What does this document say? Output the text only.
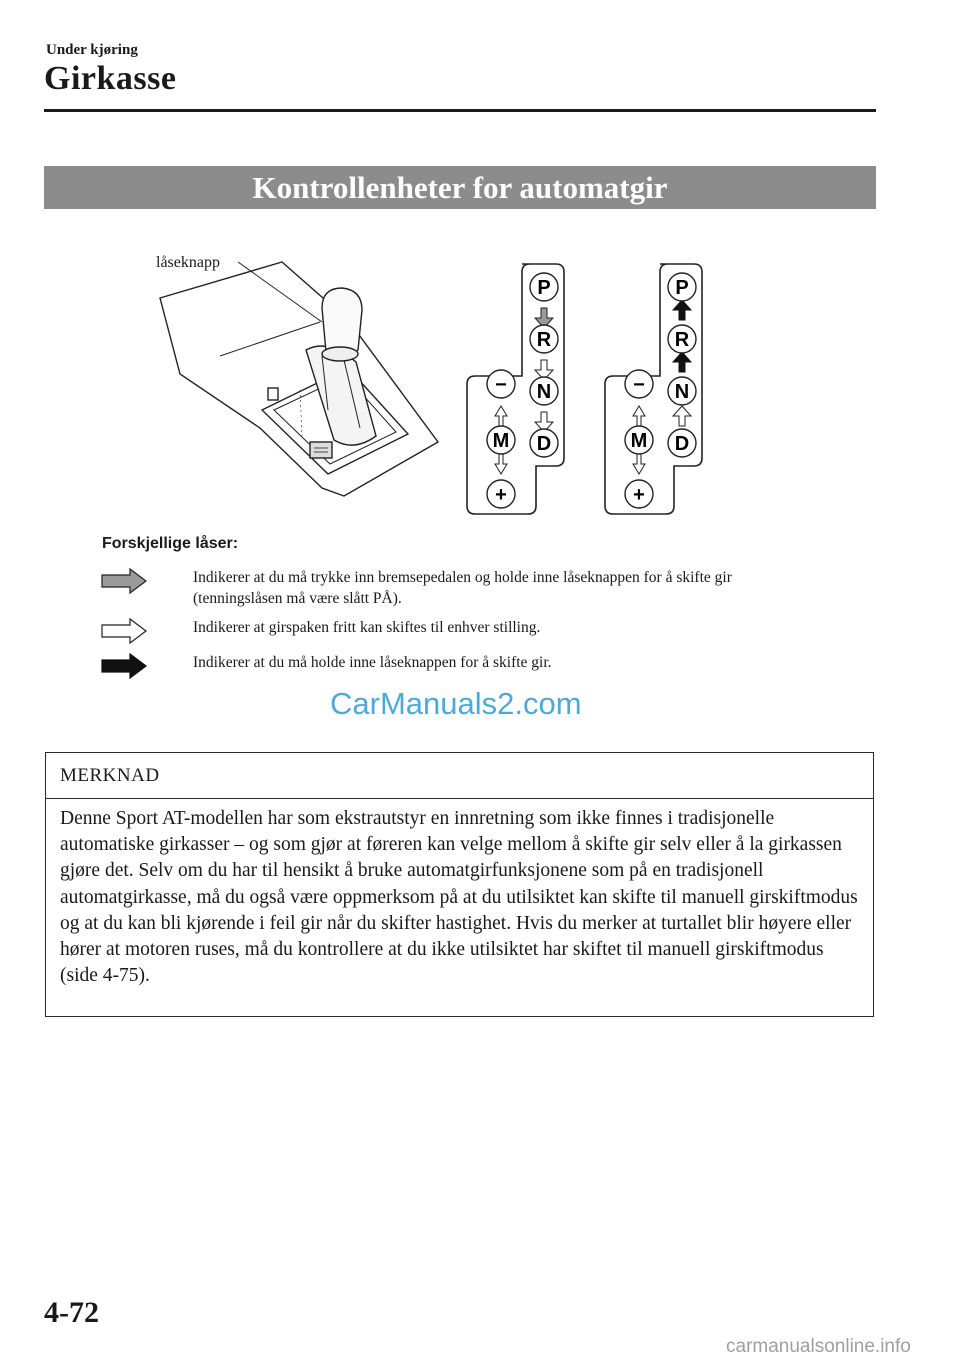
Under kjøring
Girkasse
Kontrollenheter for automatgir
P
R
N
D
−
M
+
P
R
N
D
−
M
+
låseknapp
Forskjellige låser:
Indikerer at du må trykke inn bremsepedalen og holde inne låseknappen for å skifte gir (tenningslåsen må være slått PÅ).
Indikerer at girspaken fritt kan skiftes til enhver stilling.
Indikerer at du må holde inne låseknappen for å skifte gir.
CarManuals2.com
MERKNAD
Denne Sport AT-modellen har som ekstrautstyr en innretning som ikke finnes i tradisjonelle automatiske girkasser – og som gjør at føreren kan velge mellom å skifte gir selv eller å la girkassen gjøre det. Selv om du har til hensikt å bruke automatgirfunksjonene som på en tradisjonell automatgirkasse, må du også være oppmerksom på at du utilsiktet kan skifte til manuell girskiftmodus og at du kan bli kjørende i feil gir når du skifter hastighet. Hvis du merker at turtallet blir høyere eller hører at motoren ruses, må du kontrollere at du ikke utilsiktet har skiftet til manuell girskiftmodus (side 4-75).
4-72
carmanualsonline.info
